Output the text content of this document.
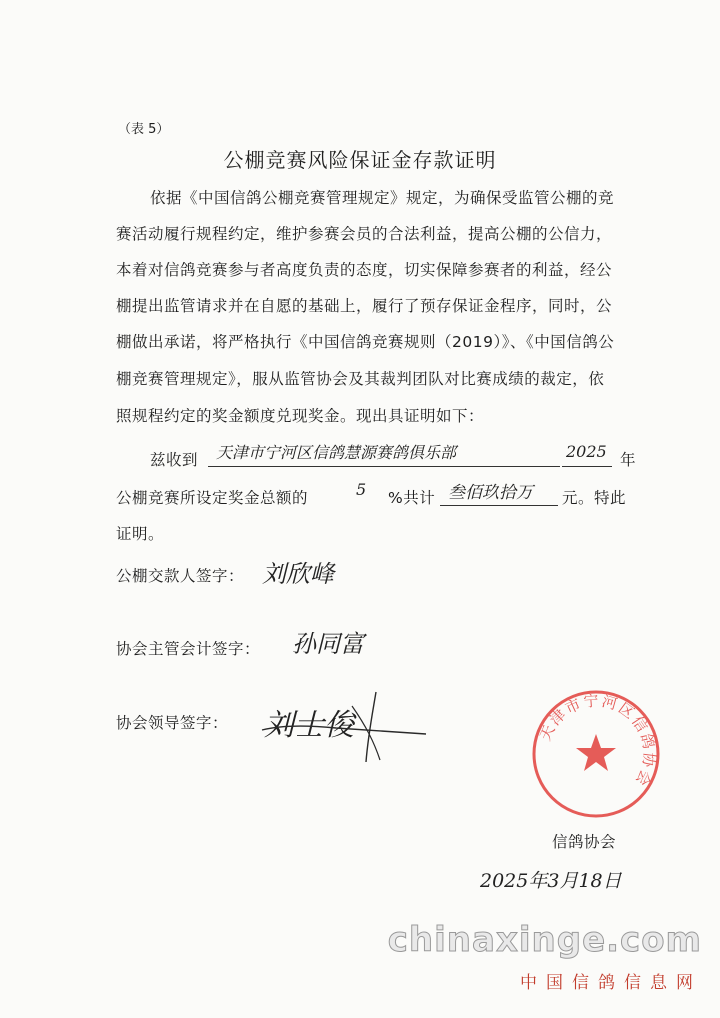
（表 5）
公棚竞赛风险保证金存款证明
依据《中国信鸽公棚竞赛管理规定》规定，为确保受监管公棚的竞
赛活动履行规程约定，维护参赛会员的合法利益，提高公棚的公信力，
本着对信鸽竞赛参与者高度负责的态度，切实保障参赛者的利益，经公
棚提出监管请求并在自愿的基础上，履行了预存保证金程序，同时，公
棚做出承诺，将严格执行《中国信鸽竞赛规则（2019）》、《中国信鸽公
棚竞赛管理规定》，服从监管协会及其裁判团队对比赛成绩的裁定，依
照规程约定的奖金额度兑现奖金。现出具证明如下：
兹收到 天津市宁河区信鸽慧源赛鸽俱乐部	2025 年
公棚竞赛所设定奖金总额的	5 %共计 叁佰玖拾万 元。特此
证明。
公棚交款人签字： 刘欣峰
协会主管会计签字： 孙同富
协会领导签字： 刘士俊	天津市宁河区信鸽协会
信鸽协会
2025年3月18日
chinaxinge.com
中国信鸽信息网
